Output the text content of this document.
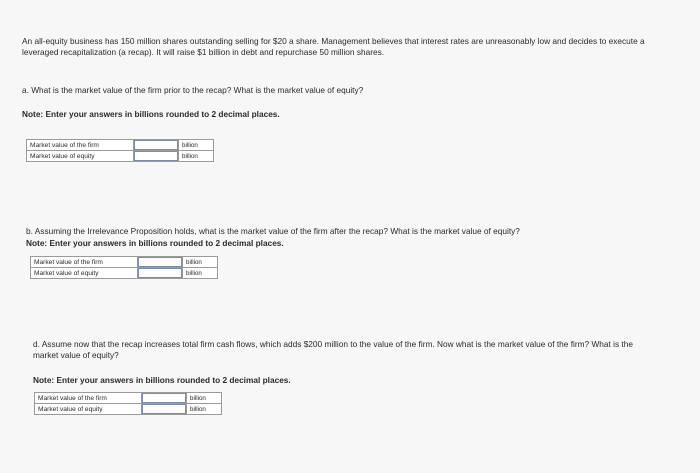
An all-equity business has 150 million shares outstanding selling for $20 a share. Management believes that interest rates are unreasonably low and decides to execute a leveraged recapitalization (a recap). It will raise $1 billion in debt and repurchase 50 million shares.
a. What is the market value of the firm prior to the recap? What is the market value of equity?
Note: Enter your answers in billions rounded to 2 decimal places.
Market value of the firm		billion
Market value of equity		billion
b. Assuming the Irrelevance Proposition holds, what is the market value of the firm after the recap? What is the market value of equity?
Note: Enter your answers in billions rounded to 2 decimal places.
Market value of the firm		billion
Market value of equity		billion
d. Assume now that the recap increases total firm cash flows, which adds $200 million to the value of the firm. Now what is the market value of the firm? What is the market value of equity?
Note: Enter your answers in billions rounded to 2 decimal places.
Market value of the firm		billion
Market value of equity		billion
